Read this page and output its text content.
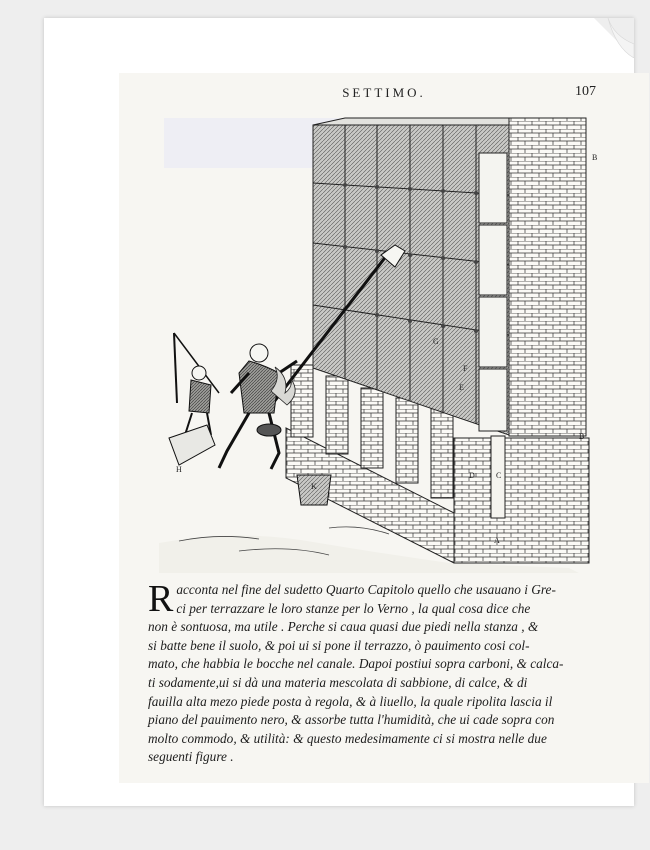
SETTIMO.	107
B
B
F
E
G
C
D
A
H
K
R acconta nel fine del sudetto Quarto Capitolo quello che usauano i Gre-
ci per terrazzare le loro stanze per lo Verno , la qual cosa dice che
non è sontuosa, ma utile . Perche si caua quasi due piedi nella stanza , &
si batte bene il suolo, & poi ui si pone il terrazzo, ò pauimento cosi col-
mato, che habbia le bocche nel canale. Dapoi postiui sopra carboni, & calca-
ti sodamente,ui si dà una materia mescolata di sabbione, di calce, & di
fauilla alta mezo piede posta à regola, & à liuello, la quale ripolita lascia il
piano del pauimento nero, & assorbe tutta l'humidità, che ui cade sopra con
molto commodo, & utilità: & questo medesimamente ci si mostra nelle due
seguenti figure .
